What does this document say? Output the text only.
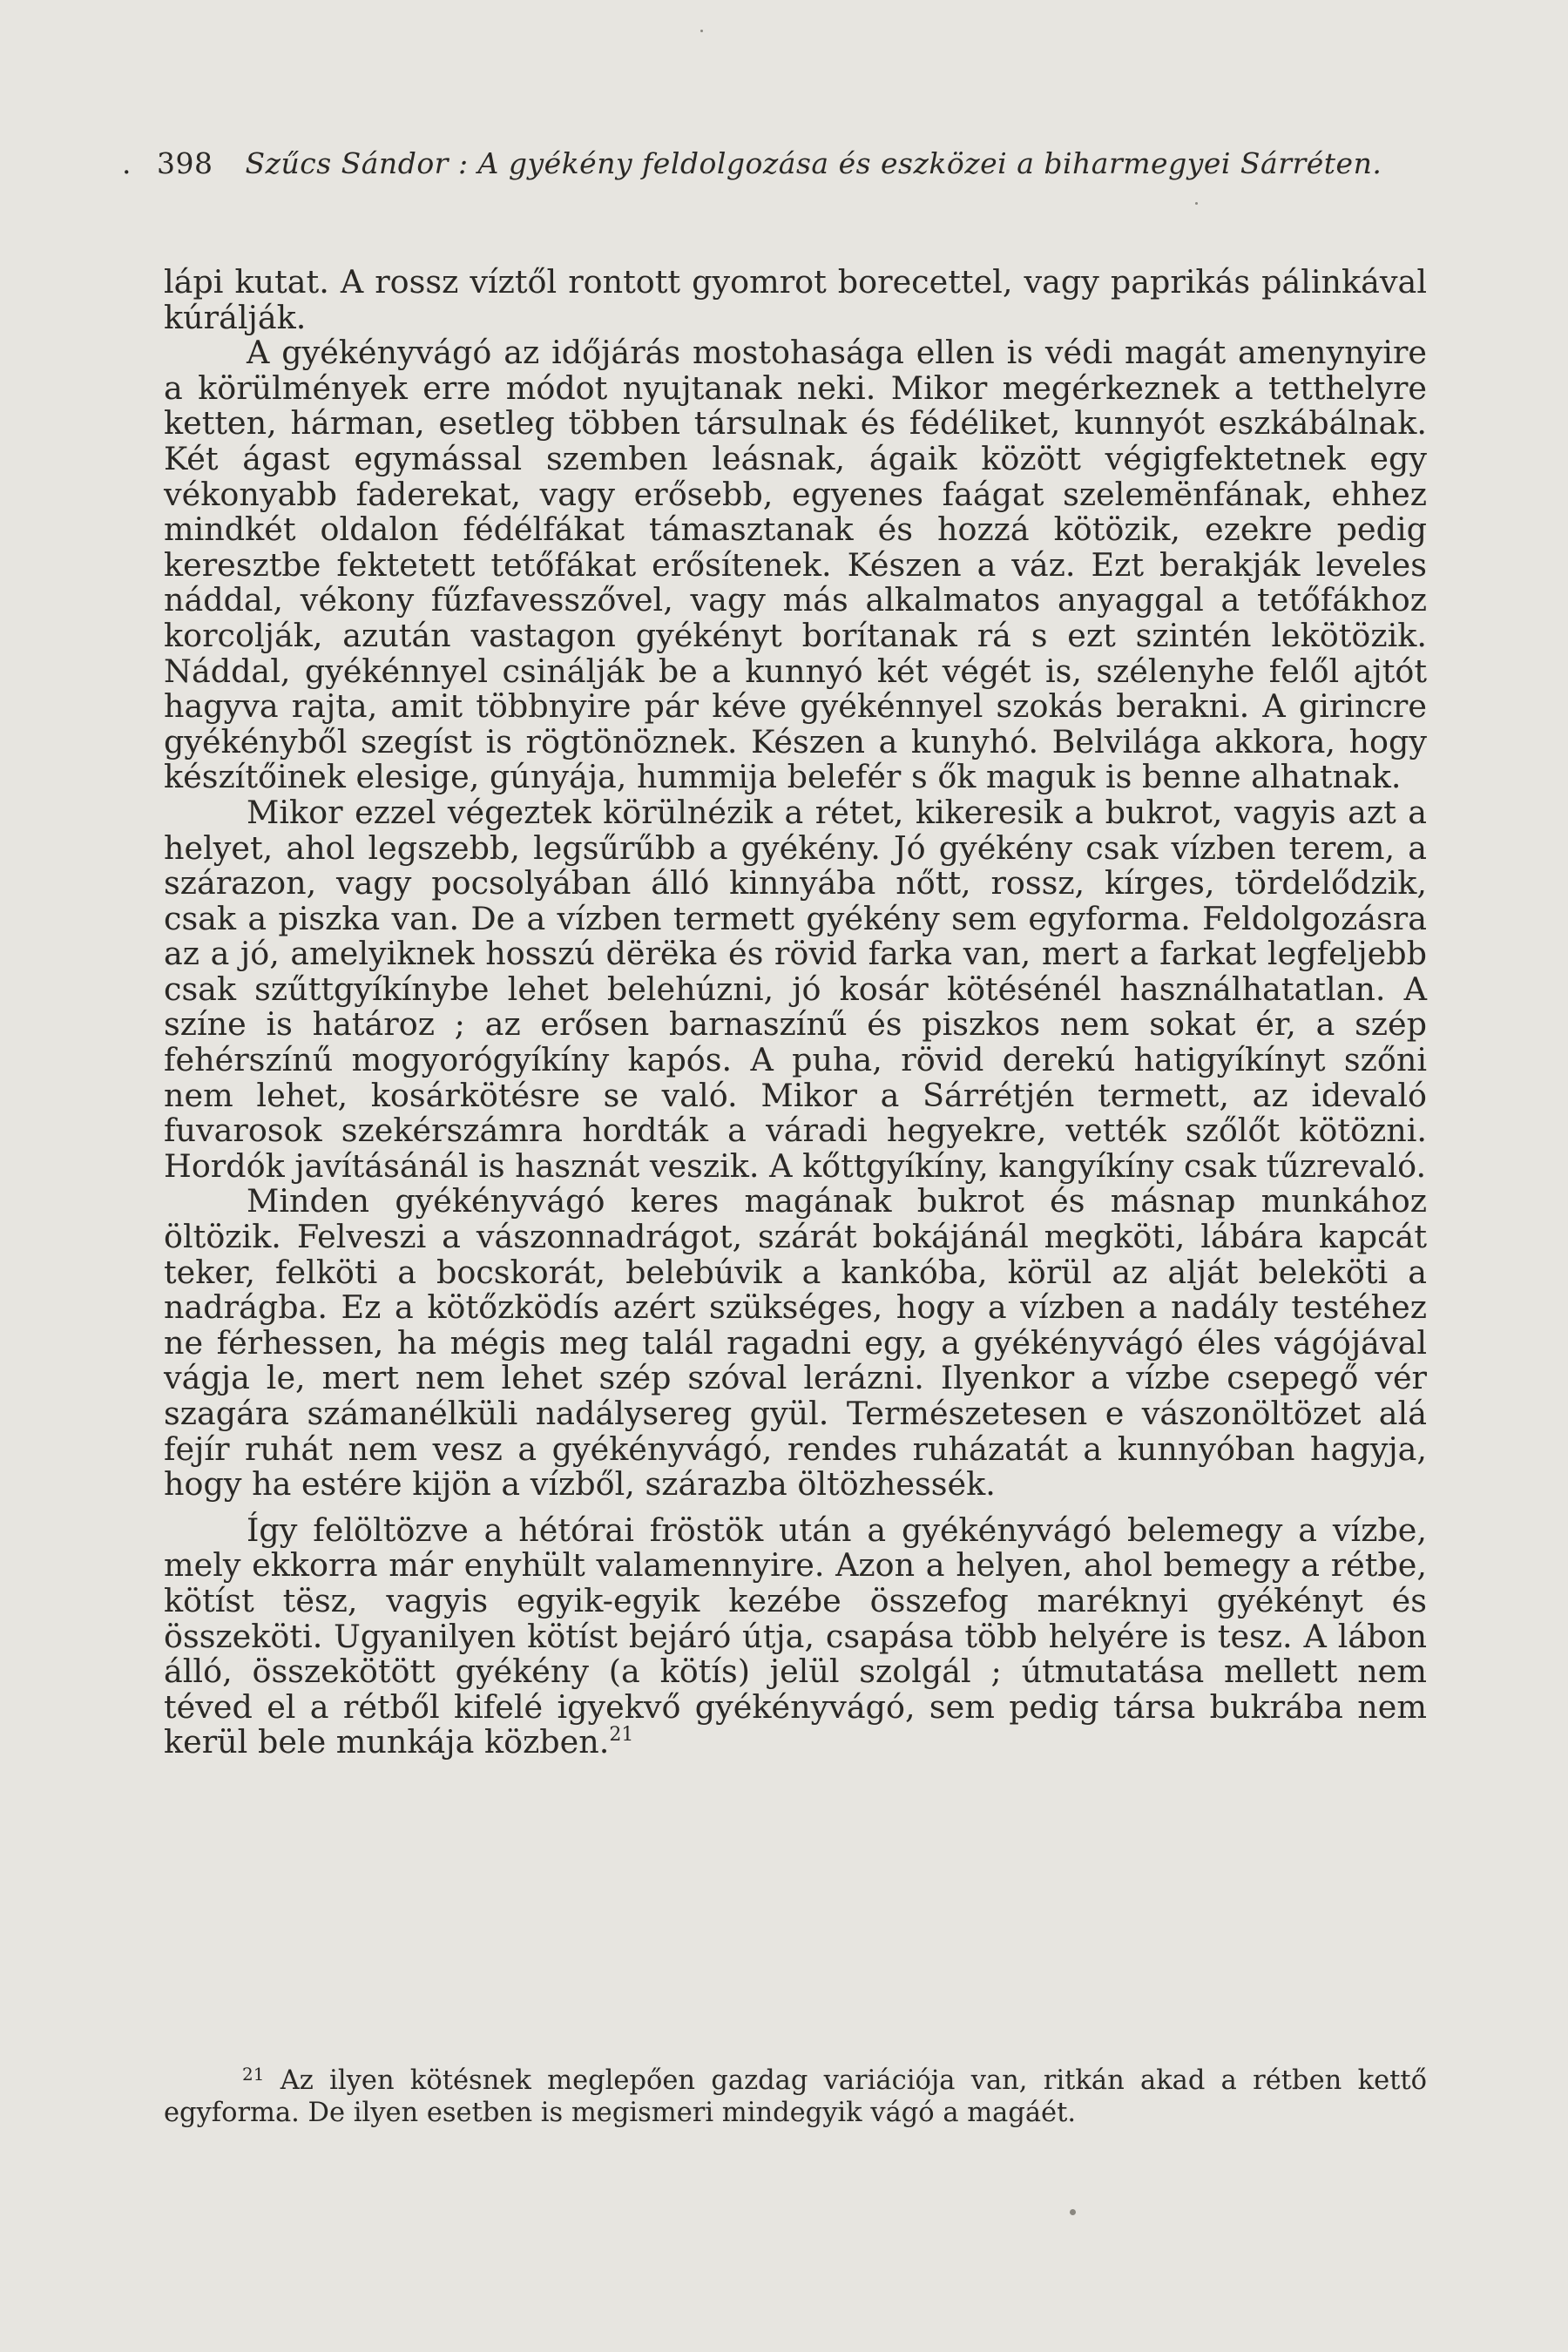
. 398 Szűcs Sándor : A gyékény feldolgozása és eszközei a biharmegyei Sárréten.

lápi kutat. A rossz víztől rontott gyomrot borecettel, vagy paprikás pálinkával kúrálják.

A gyékényvágó az időjárás mostohasága ellen is védi magát amenynyire a körülmények erre módot nyujtanak neki. Mikor megérkeznek a tetthelyre ketten, hárman, esetleg többen társulnak és fédéliket, kunnyót eszkábálnak. Két ágast egymással szemben leásnak, ágaik között végigfektetnek egy vékonyabb faderekat, vagy erősebb, egyenes faágat szelemënfának, ehhez mindkét oldalon fédélfákat támasztanak és hozzá kötözik, ezekre pedig keresztbe fektetett tetőfákat erősítenek. Készen a váz. Ezt berakják leveles náddal, vékony fűzfavesszővel, vagy más alkalmatos anyaggal a tetőfákhoz korcolják, azután vastagon gyékényt borítanak rá s ezt szintén lekötözik. Náddal, gyékénnyel csinálják be a kunnyó két végét is, szélenyhe felől ajtót hagyva rajta, amit többnyire pár kéve gyékénnyel szokás berakni. A girincre gyékényből szegíst is rögtönöznek. Készen a kunyhó. Belvilága akkora, hogy készítőinek elesige, gúnyája, hummija belefér s ők maguk is benne alhatnak.

Mikor ezzel végeztek körülnézik a rétet, kikeresik a bukrot, vagyis azt a helyet, ahol legszebb, legsűrűbb a gyékény. Jó gyékény csak vízben terem, a szárazon, vagy pocsolyában álló kinnyába nőtt, rossz, kírges, tördelődzik, csak a piszka van. De a vízben termett gyékény sem egyforma. Feldolgozásra az a jó, amelyiknek hosszú dërëka és rövid farka van, mert a farkat legfeljebb csak szűttgyíkínybe lehet belehúzni, jó kosár kötésénél használhatatlan. A színe is határoz ; az erősen barnaszínű és piszkos nem sokat ér, a szép fehérszínű mogyorógyíkíny kapós. A puha, rövid derekú hatigyíkínyt szőni nem lehet, kosárkötésre se való. Mikor a Sárrétjén termett, az idevaló fuvarosok szekérszámra hordták a váradi hegyekre, vették szőlőt kötözni. Hordók javításánál is hasznát veszik. A kőttgyíkíny, kangyíkíny csak tűzrevaló.

Minden gyékényvágó keres magának bukrot és másnap munkához öltözik. Felveszi a vászonnadrágot, szárát bokájánál megköti, lábára kapcát teker, felköti a bocskorát, belebúvik a kankóba, körül az alját beleköti a nadrágba. Ez a kötőzködís azért szükséges, hogy a vízben a nadály testéhez ne férhessen, ha mégis meg talál ragadni egy, a gyékényvágó éles vágójával vágja le, mert nem lehet szép szóval lerázni. Ilyenkor a vízbe csepegő vér szagára számanélküli nadálysereg gyül. Természetesen e vászonöltözet alá fejír ruhát nem vesz a gyékényvágó, rendes ruházatát a kunnyóban hagyja, hogy ha estére kijön a vízből, szárazba öltözhessék.

Így felöltözve a hétórai fröstök után a gyékényvágó belemegy a vízbe, mely ekkorra már enyhült valamennyire. Azon a helyen, ahol bemegy a rétbe, kötíst tësz, vagyis egyik-egyik kezébe összefog maréknyi gyékényt és összeköti. Ugyanilyen kötíst bejáró útja, csapása több helyére is tesz. A lábon álló, összekötött gyékény (a kötís) jelül szolgál ; útmutatása mellett nem téved el a rétből kifelé igyekvő gyékényvágó, sem pedig társa bukrába nem kerül bele munkája közben.$^{21}$

$^{21}$ Az ilyen kötésnek meglepően gazdag variációja van, ritkán akad a rétben kettő egyforma. De ilyen esetben is megismeri mindegyik vágó a magáét.
